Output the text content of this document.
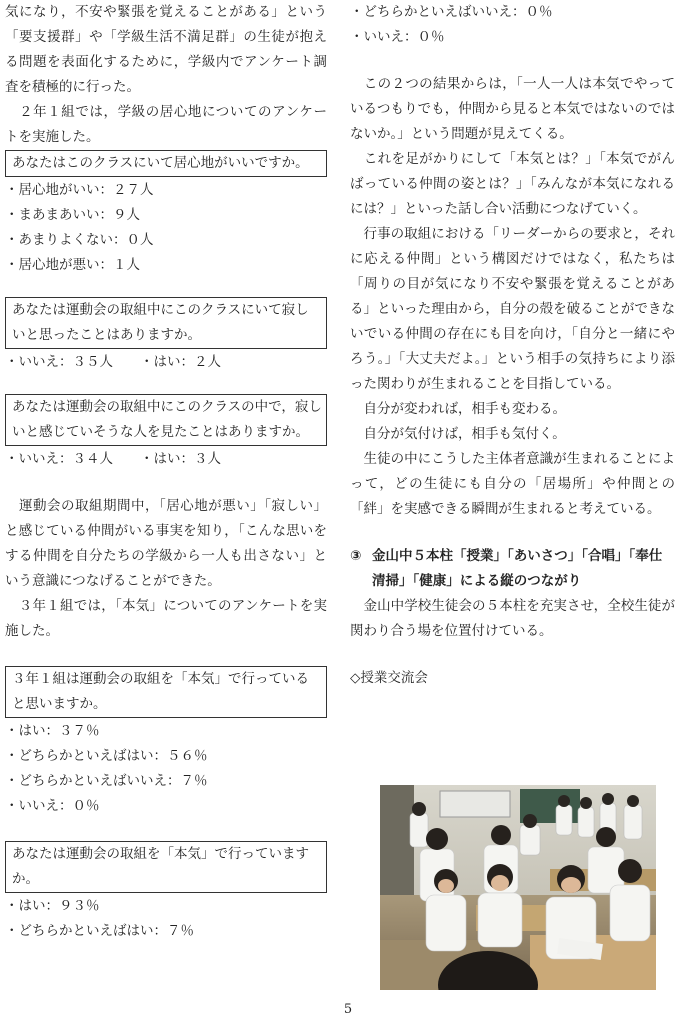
気になり，不安や緊張を覚えることがある」という「要支援群」や「学級生活不満足群」の生徒が抱える問題を表面化するために，学級内でアンケート調査を積極的に行った。

　２年１組では，学級の居心地についてのアンケートを実施した。

あなたはこのクラスにいて居心地がいいですか。

・居心地がいい：２７人

・まあまあいい：９人

・あまりよくない：０人

・居心地が悪い：１人

あなたは運動会の取組中にこのクラスにいて寂しいと思ったことはありますか。

・いいえ：３５人　　・はい：２人

あなたは運動会の取組中にこのクラスの中で，寂しいと感じていそうな人を見たことはありますか。

・いいえ：３４人　　・はい：３人

　運動会の取組期間中，「居心地が悪い」「寂しい」と感じている仲間がいる事実を知り，「こんな思いをする仲間を自分たちの学級から一人も出さない」という意識につなげることができた。

　３年１組では，「本気」についてのアンケートを実施した。

３年１組は運動会の取組を「本気」で行っていると思いますか。

・はい：３７％

・どちらかといえばはい：５６％

・どちらかといえばいいえ：７％

・いいえ：０％

あなたは運動会の取組を「本気」で行っていますか。

・はい：９３％

・どちらかといえばはい：７％

・どちらかといえばいいえ：０％

・いいえ：０％

　この２つの結果からは，「一人一人は本気でやっているつもりでも，仲間から見ると本気ではないのではないか。」という問題が見えてくる。

　これを足がかりにして「本気とは？」「本気でがんばっている仲間の姿とは？」「みんなが本気になれるには？」といった話し合い活動につなげていく。

　行事の取組における「リーダーからの要求と，それに応える仲間」という構図だけではなく，私たちは「周りの目が気になり不安や緊張を覚えることがある」といった理由から，自分の殻を破ることができないでいる仲間の存在にも目を向け，「自分と一緒にやろう。」「大丈夫だよ。」という相手の気持ちにより添った関わりが生まれることを目指している。

　自分が変われば，相手も変わる。

　自分が気付けば，相手も気付く。

　生徒の中にこうした主体者意識が生まれることによって，どの生徒にも自分の「居場所」や仲間との「絆」を実感できる瞬間が生まれると考えている。

③ 金山中５本柱「授業」「あいさつ」「合唱」「奉仕清掃」「健康」による縦のつながり

　金山中学校生徒会の５本柱を充実させ，全校生徒が関わり合う場を位置付けている。

◇授業交流会

5
